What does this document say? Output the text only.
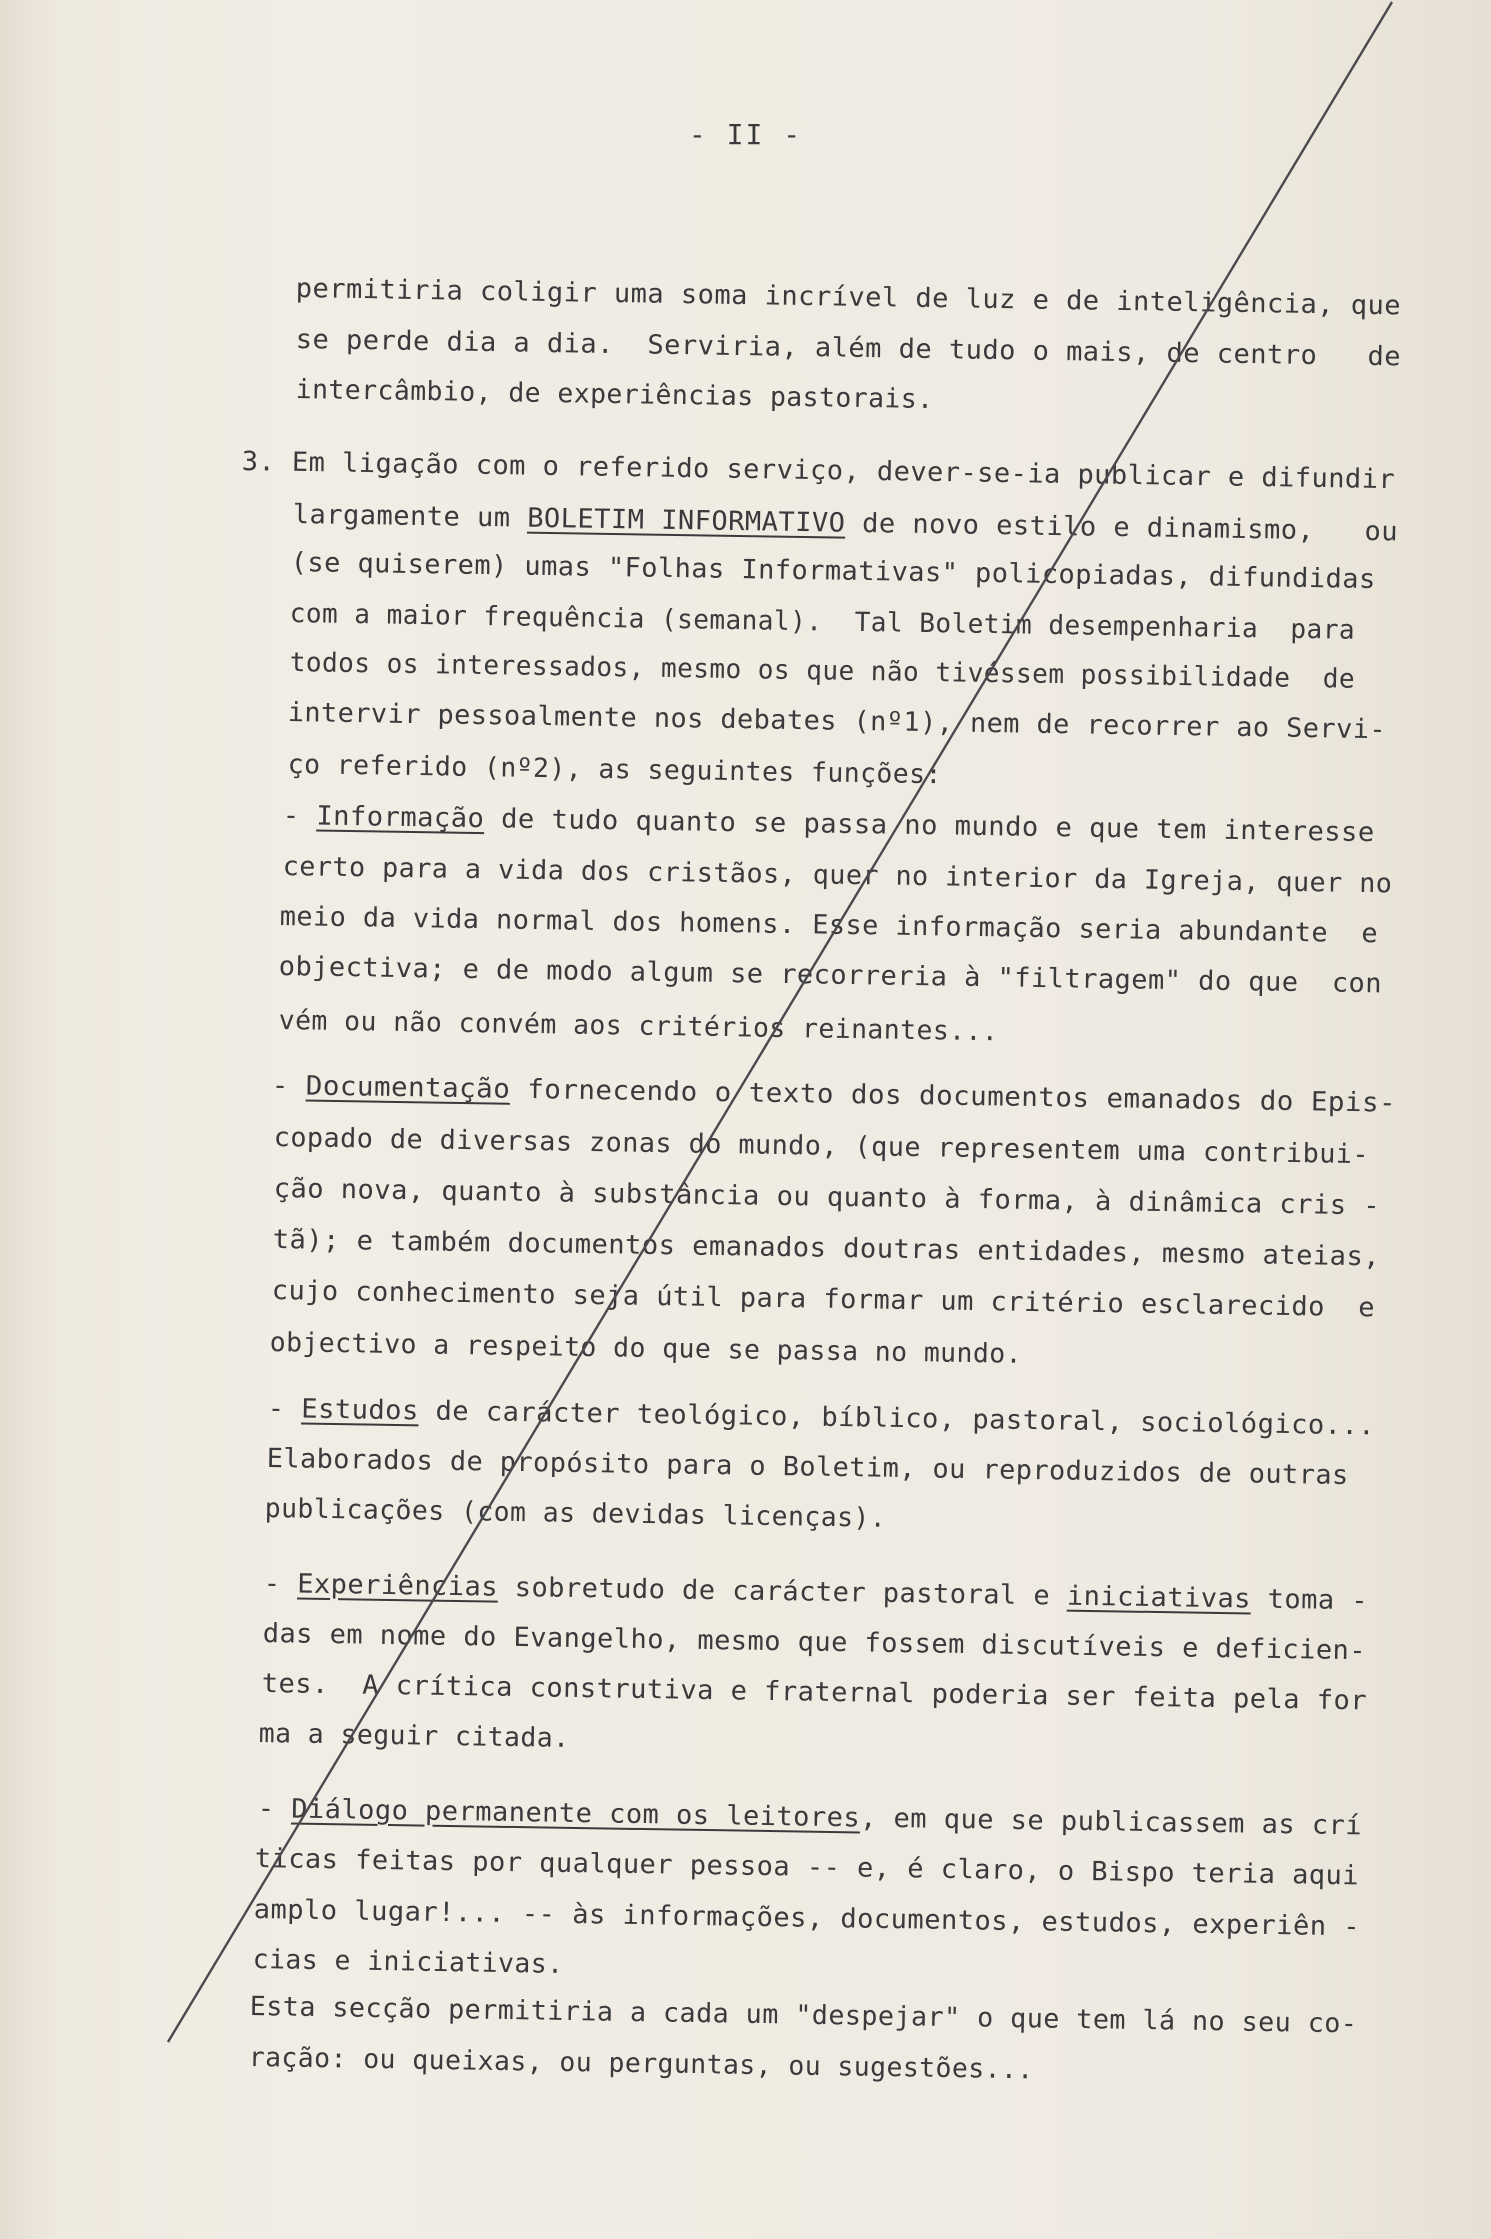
- II -
permitiria coligir uma soma incrível de luz e de inteligência, que
se perde dia a dia.  Serviria, além de tudo o mais, de centro   de
intercâmbio, de experiências pastorais.
3. Em ligação com o referido serviço, dever-se-ia publicar e difundir
largamente um BOLETIM INFORMATIVO de novo estilo e dinamismo,   ou
(se quiserem) umas "Folhas Informativas" policopiadas, difundidas
com a maior frequência (semanal).  Tal Boletim desempenharia  para
todos os interessados, mesmo os que não tivéssem possibilidade  de
intervir pessoalmente nos debates (nº1), nem de recorrer ao Servi-
ço referido (nº2), as seguintes funções:
- Informação de tudo quanto se passa no mundo e que tem interesse
certo para a vida dos cristãos, quer no interior da Igreja, quer no
meio da vida normal dos homens. Esse informação seria abundante  e
objectiva; e de modo algum se recorreria à "filtragem" do que  con
vém ou não convém aos critérios reinantes...
- Documentação fornecendo o texto dos documentos emanados do Epis-
copado de diversas zonas do mundo, (que representem uma contribui-
ção nova, quanto à substância ou quanto à forma, à dinâmica cris -
tã); e também documentos emanados doutras entidades, mesmo ateias,
cujo conhecimento seja útil para formar um critério esclarecido  e
objectivo a respeito do que se passa no mundo.
- Estudos de carácter teológico, bíblico, pastoral, sociológico...
Elaborados de propósito para o Boletim, ou reproduzidos de outras
publicações (com as devidas licenças).
- Experiências sobretudo de carácter pastoral e iniciativas toma -
das em nome do Evangelho, mesmo que fossem discutíveis e deficien-
tes.  A crítica construtiva e fraternal poderia ser feita pela for
ma a seguir citada.
- Diálogo permanente com os leitores, em que se publicassem as crí
ticas feitas por qualquer pessoa -- e, é claro, o Bispo teria aqui
amplo lugar!... -- às informações, documentos, estudos, experiên -
cias e iniciativas.
Esta secção permitiria a cada um "despejar" o que tem lá no seu co-
ração: ou queixas, ou perguntas, ou sugestões...
